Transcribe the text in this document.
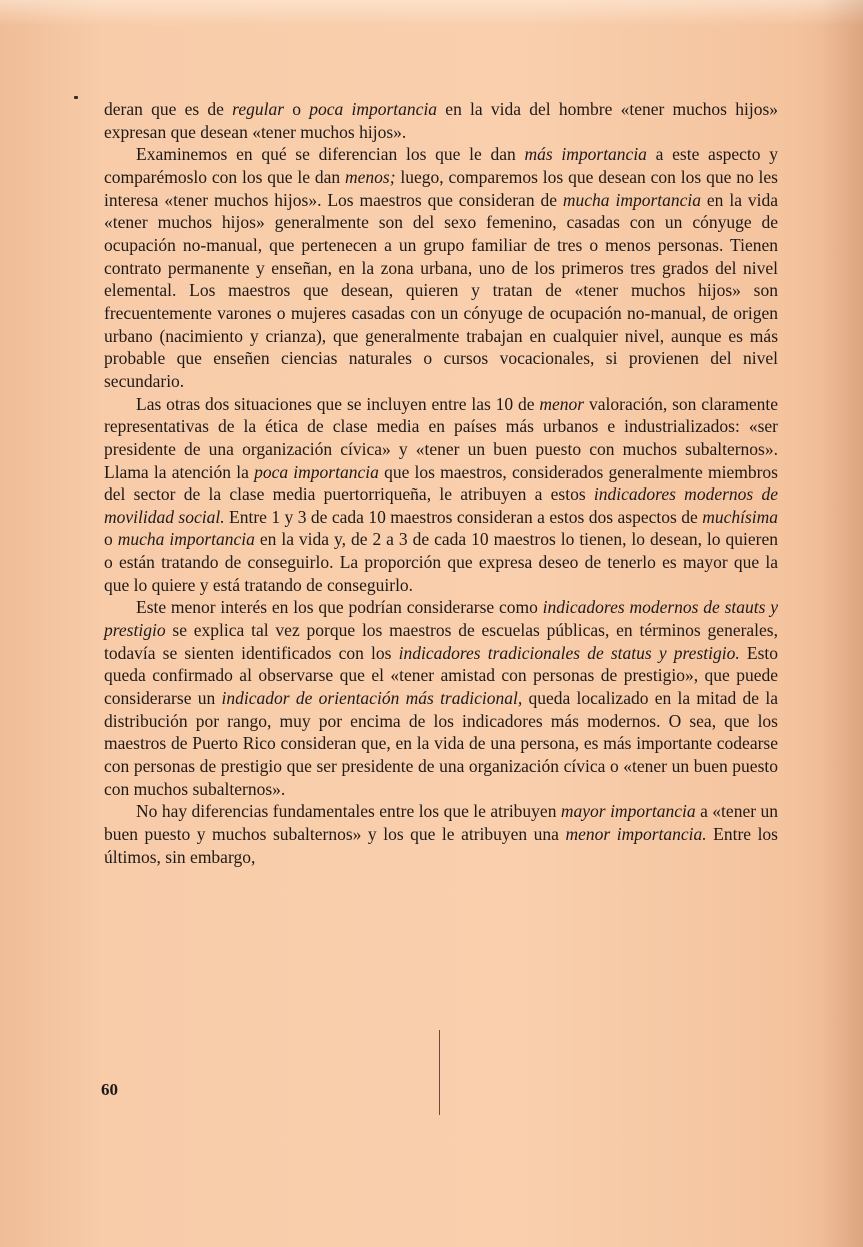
deran que es de regular o poca importancia en la vida del hombre «tener muchos hijos» expresan que desean «tener muchos hijos».

Examinemos en qué se diferencian los que le dan más importancia a este aspecto y comparémoslo con los que le dan menos; luego, comparemos los que desean con los que no les interesa «tener muchos hijos». Los maestros que consideran de mucha importancia en la vida «tener muchos hijos» generalmente son del sexo femenino, casadas con un cónyuge de ocupación no-manual, que pertenecen a un grupo familiar de tres o menos personas. Tienen contrato permanente y enseñan, en la zona urbana, uno de los primeros tres grados del nivel elemental. Los maestros que desean, quieren y tratan de «tener muchos hijos» son frecuentemente varones o mujeres casadas con un cónyuge de ocupación no-manual, de origen urbano (nacimiento y crianza), que generalmente trabajan en cualquier nivel, aunque es más probable que enseñen ciencias naturales o cursos vocacionales, si provienen del nivel secundario.

Las otras dos situaciones que se incluyen entre las 10 de menor valoración, son claramente representativas de la ética de clase media en países más urbanos e industrializados: «ser presidente de una organización cívica» y «tener un buen puesto con muchos subalternos». Llama la atención la poca importancia que los maestros, considerados generalmente miembros del sector de la clase media puertorriqueña, le atribuyen a estos indicadores modernos de movilidad social. Entre 1 y 3 de cada 10 maestros consideran a estos dos aspectos de muchísima o mucha importancia en la vida y, de 2 a 3 de cada 10 maestros lo tienen, lo desean, lo quieren o están tratando de conseguirlo. La proporción que expresa deseo de tenerlo es mayor que la que lo quiere y está tratando de conseguirlo.

Este menor interés en los que podrían considerarse como indicadores modernos de stauts y prestigio se explica tal vez porque los maestros de escuelas públicas, en términos generales, todavía se sienten identificados con los indicadores tradicionales de status y prestigio. Esto queda confirmado al observarse que el «tener amistad con personas de prestigio», que puede considerarse un indicador de orientación más tradicional, queda localizado en la mitad de la distribución por rango, muy por encima de los indicadores más modernos. O sea, que los maestros de Puerto Rico consideran que, en la vida de una persona, es más importante codearse con personas de prestigio que ser presidente de una organización cívica o «tener un buen puesto con muchos subalternos».

No hay diferencias fundamentales entre los que le atribuyen mayor importancia a «tener un buen puesto y muchos subalternos» y los que le atribuyen una menor importancia. Entre los últimos, sin embargo,

60
